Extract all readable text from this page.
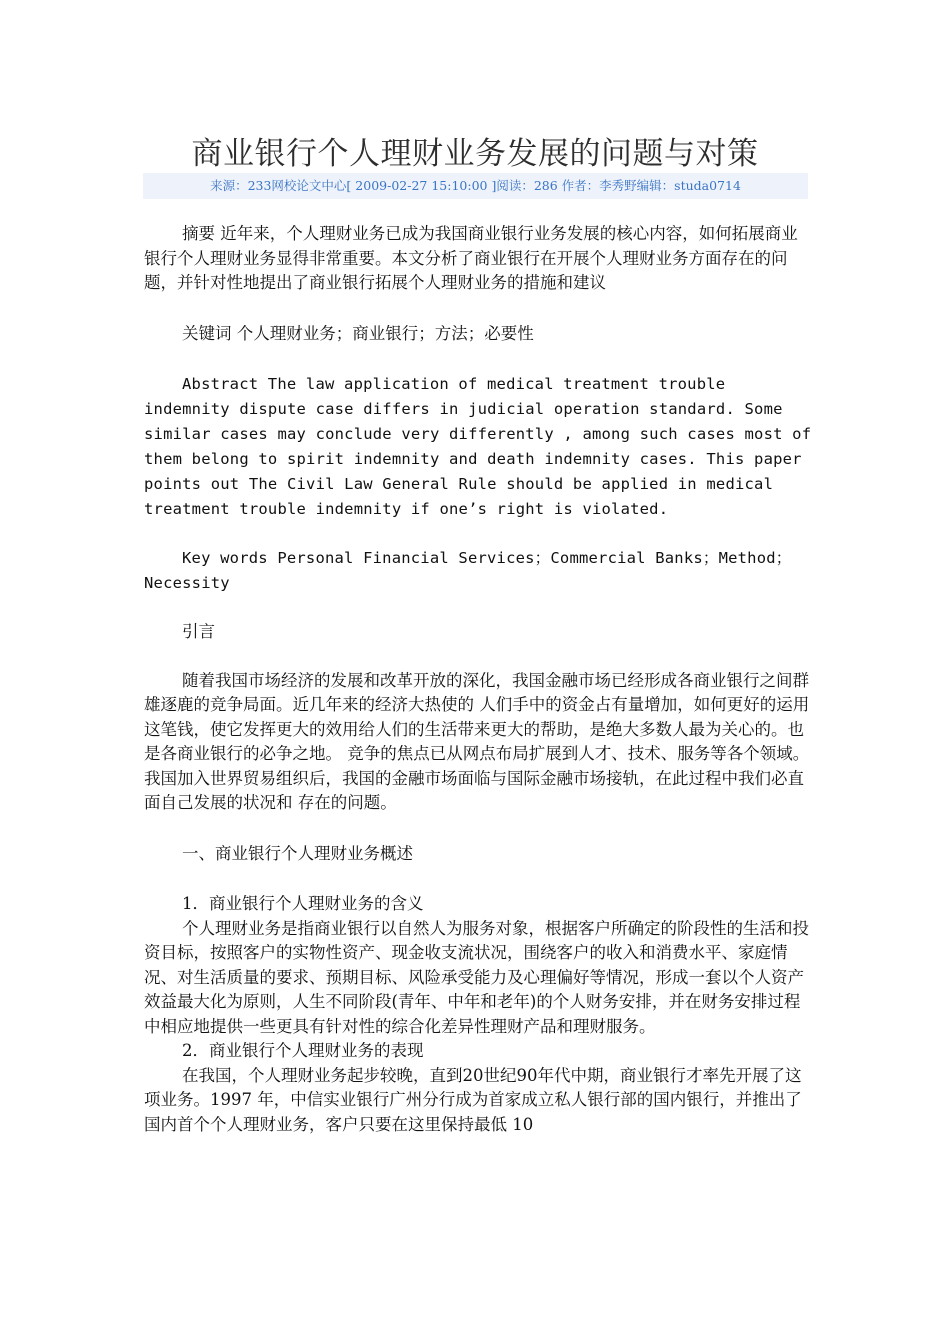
商业银行个人理财业务发展的问题与对策
来源：233网校论文中心[ 2009-02-27 15:10:00 ]阅读：286 作者：李秀野编辑：studa0714

摘要 近年来，个人理财业务已成为我国商业银行业务发展的核心内容，如何拓展商业银行个人理财业务显得非常重要。本文分析了商业银行在开展个人理财业务方面存在的问题，并针对性地提出了商业银行拓展个人理财业务的措施和建议

关键词 个人理财业务；商业银行；方法；必要性

Abstract The law application of medical treatment trouble indemnity dispute case differs in judicial operation standard. Some similar cases may conclude very differently , among such cases most of them belong to spirit indemnity and death indemnity cases. This paper points out The Civil Law General Rule should be applied in medical treatment trouble indemnity if one’s right is violated.

Key words Personal Financial Services；Commercial Banks；Method；Necessity

引言

随着我国市场经济的发展和改革开放的深化，我国金融市场已经形成各商业银行之间群雄逐鹿的竞争局面。近几年来的经济大热使的 人们手中的资金占有量增加，如何更好的运用这笔钱，使它发挥更大的效用给人们的生活带来更大的帮助，是绝大多数人最为关心的。也是各商业银行的必争之地。 竞争的焦点已从网点布局扩展到人才、技术、服务等各个领域。我国加入世界贸易组织后，我国的金融市场面临与国际金融市场接轨，在此过程中我们必直面自己发展的状况和 存在的问题。

一、商业银行个人理财业务概述

1．商业银行个人理财业务的含义

个人理财业务是指商业银行以自然人为服务对象，根据客户所确定的阶段性的生活和投资目标，按照客户的实物性资产、现金收支流状况，围绕客户的收入和消费水平、家庭情况、对生活质量的要求、预期目标、风险承受能力及心理偏好等情况，形成一套以个人资产效益最大化为原则，人生不同阶段(青年、中年和老年)的个人财务安排，并在财务安排过程中相应地提供一些更具有针对性的综合化差异性理财产品和理财服务。

2．商业银行个人理财业务的表现

在我国，个人理财业务起步较晚，直到20世纪90年代中期，商业银行才率先开展了这项业务。1997 年，中信实业银行广州分行成为首家成立私人银行部的国内银行，并推出了国内首个个人理财业务，客户只要在这里保持最低 10
